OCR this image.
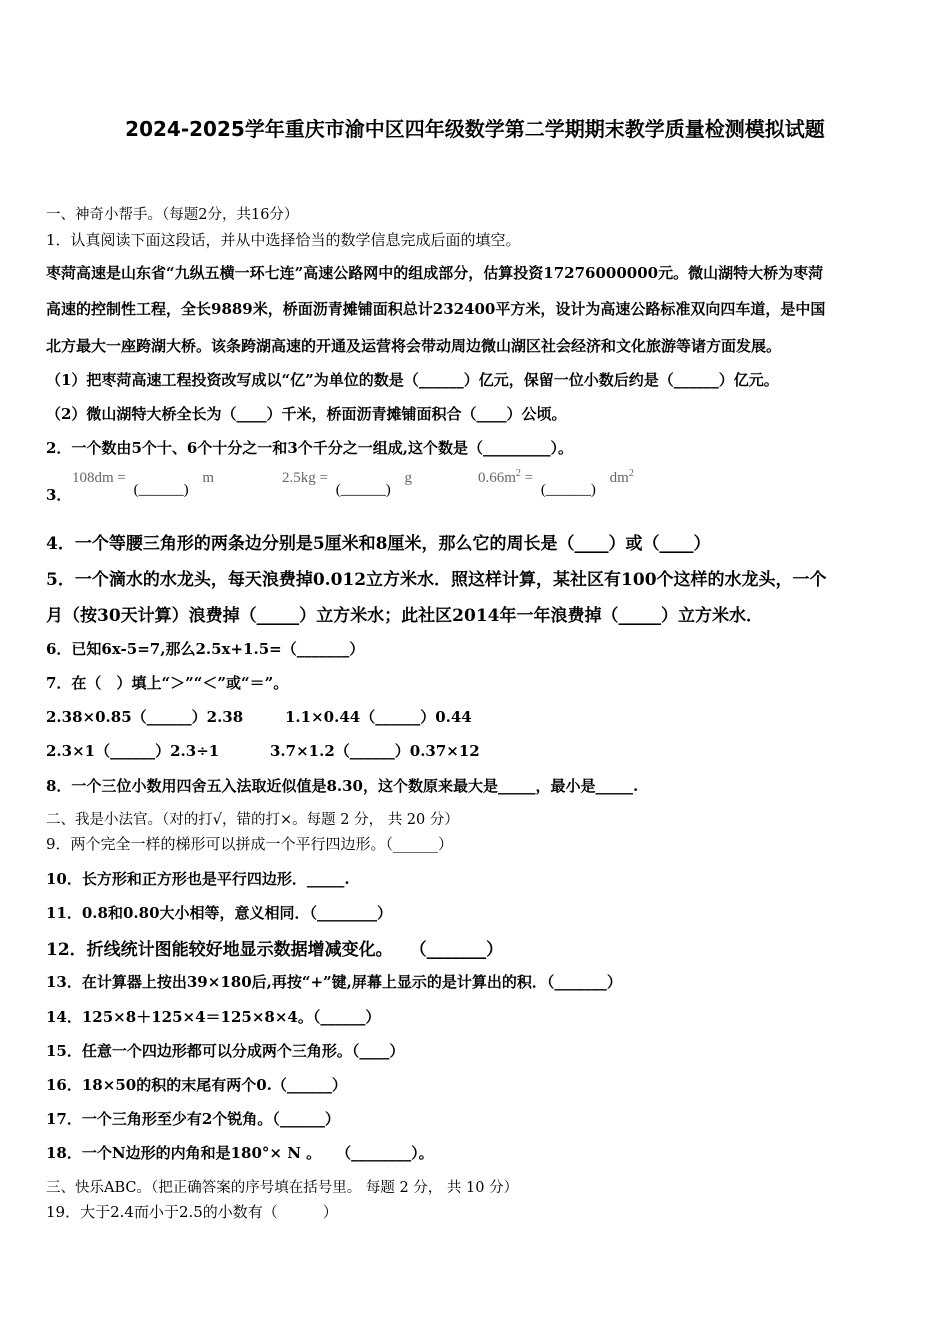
2024-2025学年重庆市渝中区四年级数学第二学期期末教学质量检测模拟试题
一、神奇小帮手。（每题2分，共16分）
1．认真阅读下面这段话，并从中选择恰当的数学信息完成后面的填空。
枣菏高速是山东省“九纵五横一环七连”高速公路网中的组成部分，估算投资17276000000元。微山湖特大桥为枣菏
高速的控制性工程，全长9889米，桥面沥青摊铺面积总计232400平方米，设计为高速公路标准双向四车道，是中国
北方最大一座跨湖大桥。该条跨湖高速的开通及运营将会带动周边微山湖区社会经济和文化旅游等诸方面发展。
（1）把枣菏高速工程投资改写成以“亿”为单位的数是（______）亿元，保留一位小数后约是（______）亿元。
（2）微山湖特大桥全长为（____）千米，桥面沥青摊铺面积合（____）公顷。
2．一个数由5个十、6个十分之一和3个千分之一组成,这个数是（_________）。
3．
108dm = (______) m	2.5kg = (______) g	0.66m2 = (______) dm2
4．一个等腰三角形的两条边分别是5厘米和8厘米，那么它的周长是（____）或（____）
5．一个滴水的水龙头，每天浪费掉0.012立方米水．照这样计算，某社区有100个这样的水龙头，一个
月（按30天计算）浪费掉（_____）立方米水；此社区2014年一年浪费掉（_____）立方米水．
6．已知6x-5=7,那么2.5x+1.5=（_______）
7．在（　）填上“＞”“＜”或“＝”。
2.38×0.85（______）2.38	1.1×0.44（______）0.44
2.3×1（______）2.3÷1	3.7×1.2（______）0.37×12
8．一个三位小数用四舍五入法取近似值是8.30，这个数原来最大是_____，最小是_____.
二、我是小法官。（对的打√，错的打×。每题 2 分， 共 20 分）
9．两个完全一样的梯形可以拼成一个平行四边形。（______）
10．长方形和正方形也是平行四边形．_____.
11．0.8和0.80大小相等，意义相同．（________）
12．折线统计图能较好地显示数据增减变化。　　（_______）
13．在计算器上按出39×180后,再按“+”键,屏幕上显示的是计算出的积．（_______）
14．125×8＋125×4＝125×8×4。（______）
15．任意一个四边形都可以分成两个三角形。（____）
16．18×50的积的末尾有两个0.（______）
17．一个三角形至少有2个锐角。（______）
18．一个N边形的内角和是180°× N 。　　（________）。
三、快乐ABC。（把正确答案的序号填在括号里。 每题 2 分， 共 10 分）
19．大于2.4而小于2.5的小数有（　　　）
